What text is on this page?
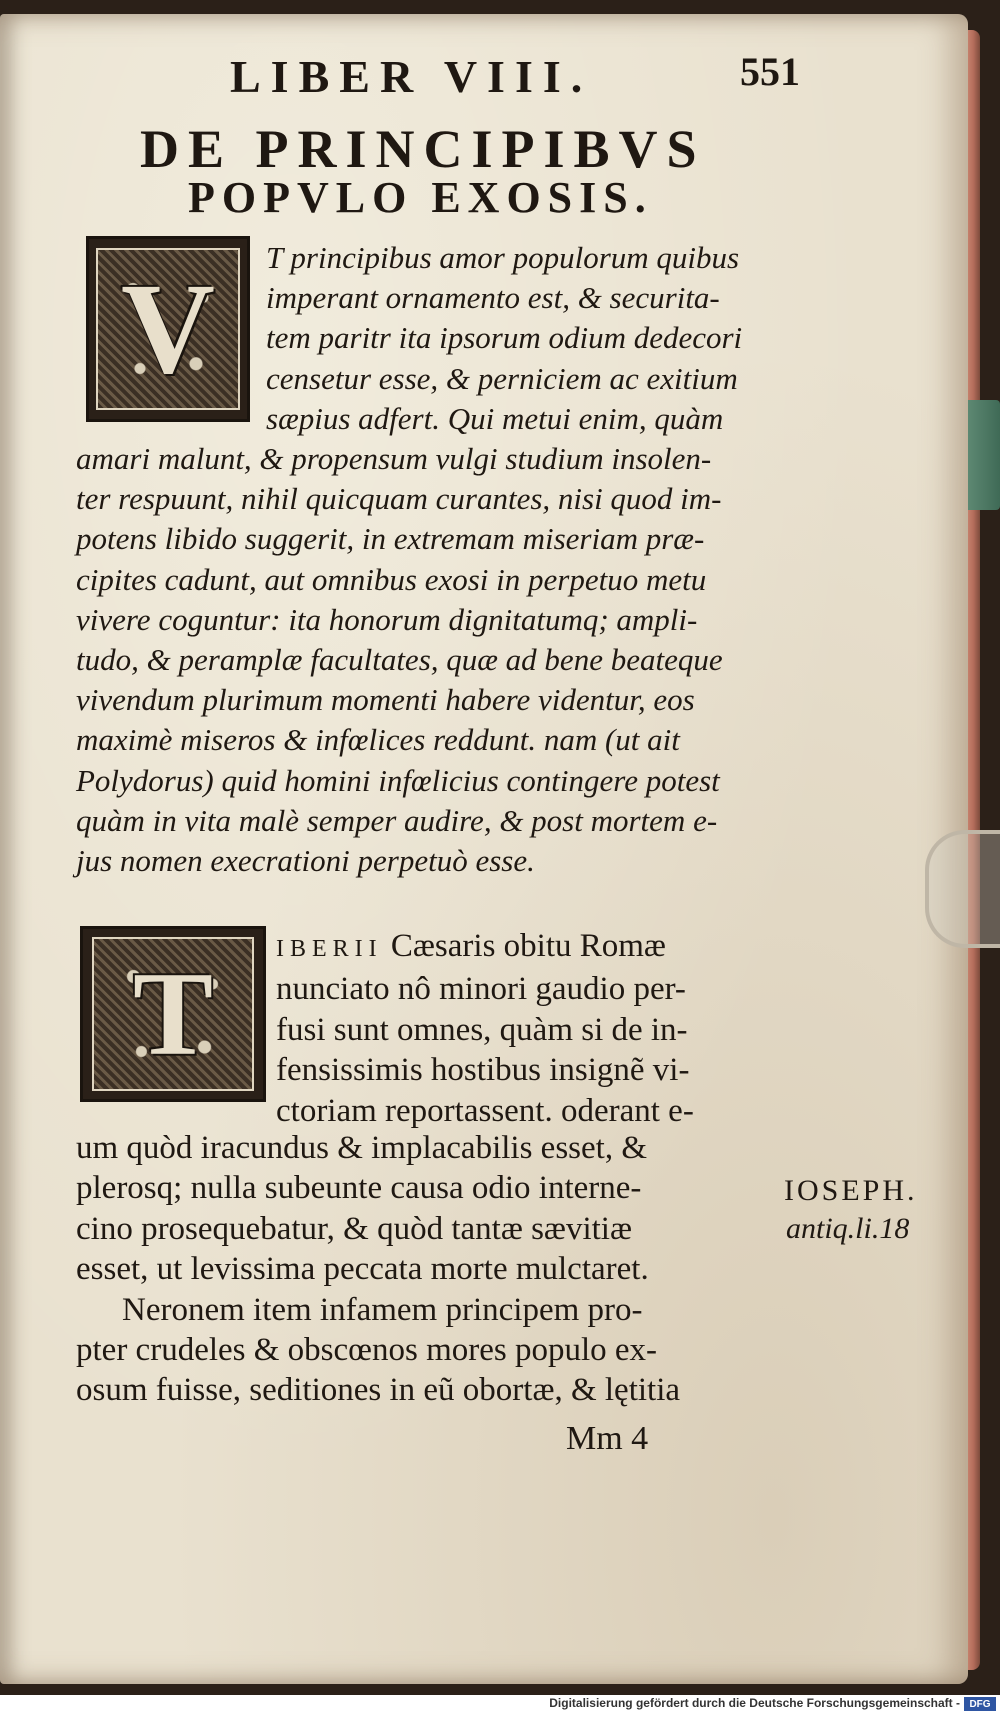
LIBER VIII.	551
DE PRINCIPIBVS
POPVLO EXOSIS.
V T principibus amor populorum quibus
imperant ornamento est, & securita-
tem paritr ita ipsorum odium dedecori
censetur esse, & perniciem ac exitium
sæpius adfert. Qui metui enim, quàm
amari malunt, & propensum vulgi studium insolen-
ter respuunt, nihil quicquam curantes, nisi quod im-
potens libido suggerit, in extremam miseriam præ-
cipites cadunt, aut omnibus exosi in perpetuo metu
vivere coguntur: ita honorum dignitatumq; ampli-
tudo, & peramplæ facultates, quæ ad bene beateque
vivendum plurimum momenti habere videntur, eos
maximè miseros & infœlices reddunt. nam (ut ait
Polydorus) quid homini infœlicius contingere potest
quàm in vita malè semper audire, & post mortem e-
jus nomen execrationi perpetuò esse.
T	IBERII Cæsaris obitu Romæ
nunciato nô minori gaudio per-
fusi sunt omnes, quàm si de in-
fensissimis hostibus insignẽ vi-
ctoriam reportassent. oderant e-
um quòd iracundus & implacabilis esset, &
plerosq; nulla subeunte causa odio interne-
cino prosequebatur, & quòd tantæ sævitiæ
esset, ut levissima peccata morte mulctaret.
Neronem item infamem principem pro-
pter crudeles & obscœnos mores populo ex-
osum fuisse, seditiones in eũ obortæ, & lętitia
IOSEPH.
antiq.li.18
Mm 4
Digitalisierung gefördert durch die Deutsche Forschungsgemeinschaft - DFG
